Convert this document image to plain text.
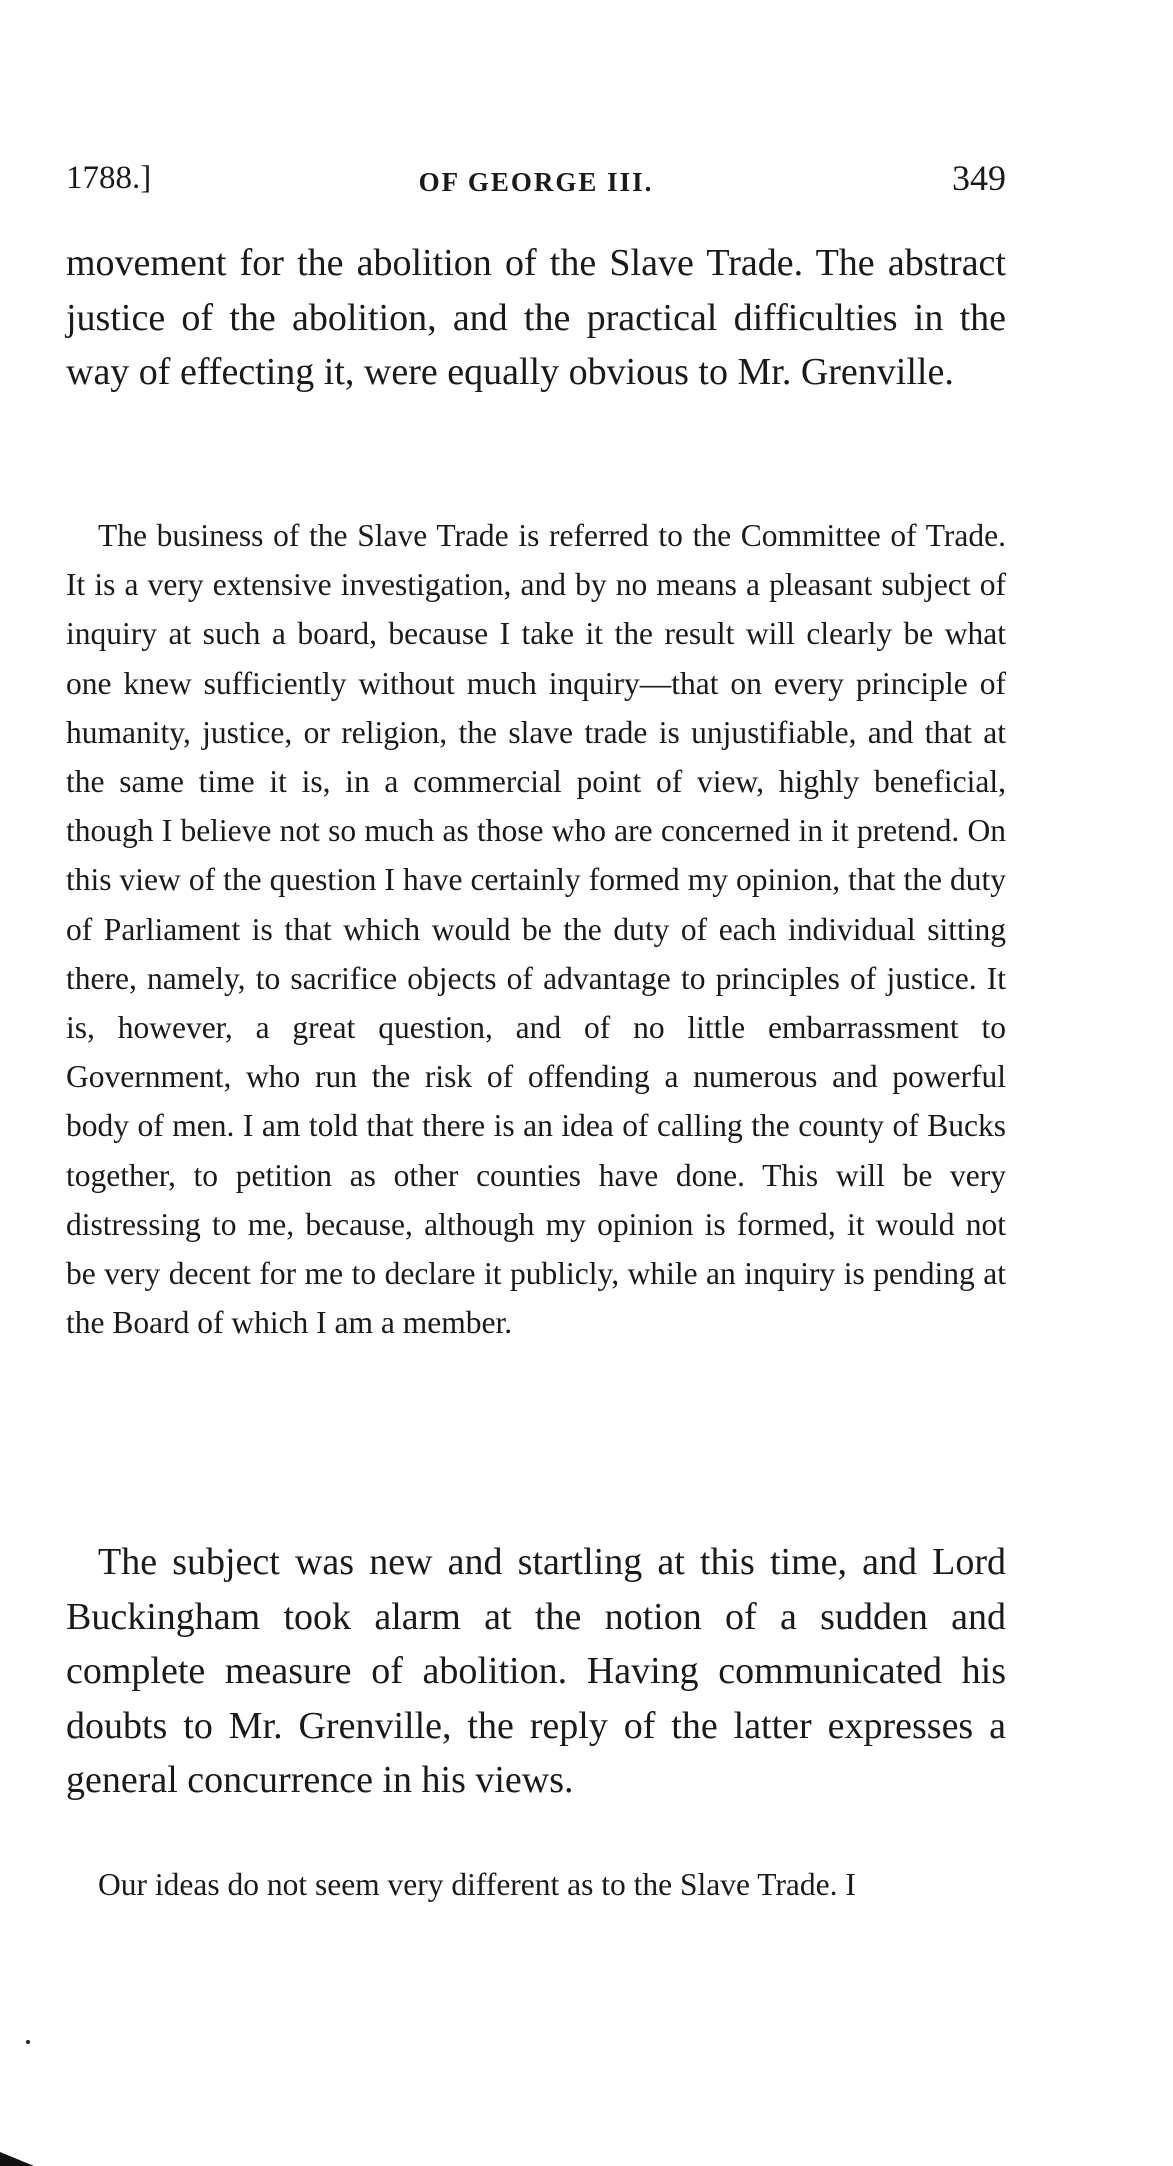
1788.]	OF GEORGE III.	349

movement for the abolition of the Slave Trade. The abstract justice of the abolition, and the practical difficulties in the way of effecting it, were equally obvious to Mr. Grenville.

The business of the Slave Trade is referred to the Committee of Trade. It is a very extensive investigation, and by no means a pleasant subject of inquiry at such a board, because I take it the result will clearly be what one knew sufficiently without much inquiry—that on every principle of humanity, justice, or religion, the slave trade is unjustifiable, and that at the same time it is, in a commercial point of view, highly beneficial, though I believe not so much as those who are concerned in it pretend. On this view of the question I have certainly formed my opinion, that the duty of Parliament is that which would be the duty of each individual sitting there, namely, to sacrifice objects of advantage to principles of justice. It is, however, a great question, and of no little embarrassment to Government, who run the risk of offending a numerous and powerful body of men. I am told that there is an idea of calling the county of Bucks together, to petition as other counties have done. This will be very distressing to me, because, although my opinion is formed, it would not be very decent for me to declare it publicly, while an inquiry is pending at the Board of which I am a member.

The subject was new and startling at this time, and Lord Buckingham took alarm at the notion of a sudden and complete measure of abolition. Having communicated his doubts to Mr. Grenville, the reply of the latter expresses a general concurrence in his views.

Our ideas do not seem very different as to the Slave Trade. I
